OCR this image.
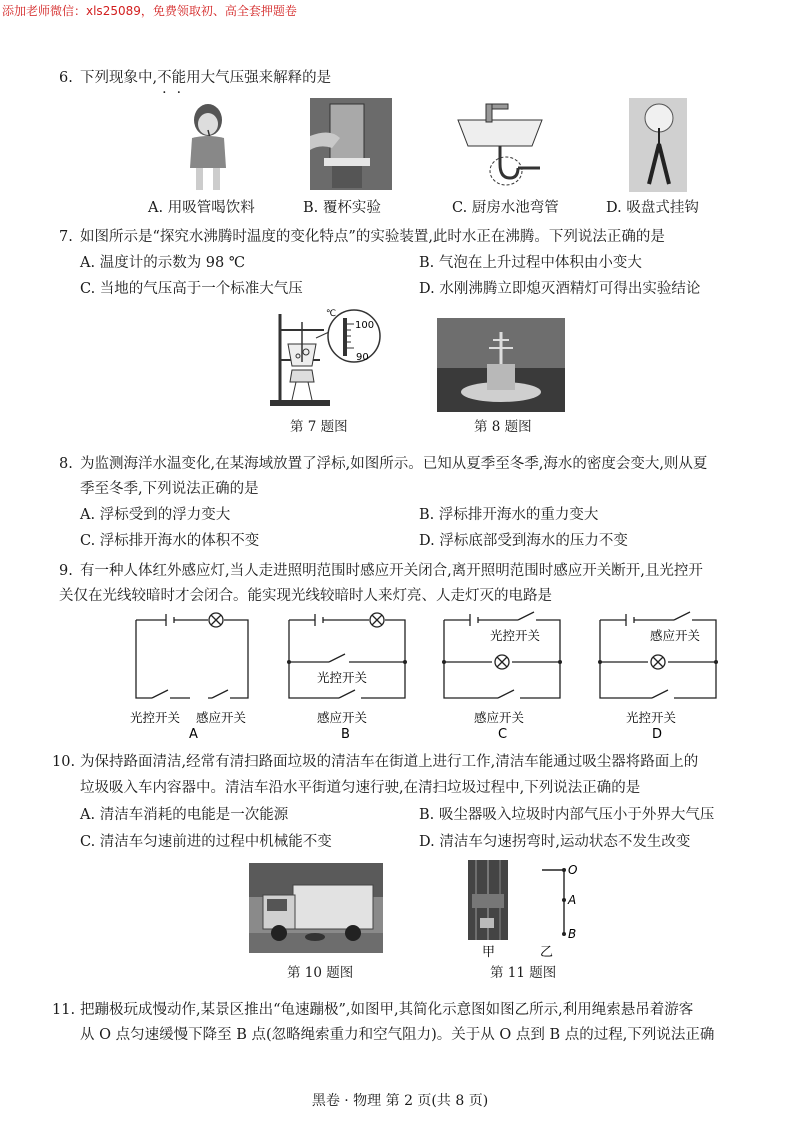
添加老师微信：xls25089，免费领取初、高全套押题卷
6. 下列现象中,不能用大气压强来解释的是
A. 用吸管喝饮料	B. 覆杯实验	C. 厨房水池弯管	D. 吸盘式挂钩
7. 如图所示是“探究水沸腾时温度的变化特点”的实验装置,此时水正在沸腾。下列说法正确的是
A. 温度计的示数为 98 ℃	B. 气泡在上升过程中体积由小变大
C. 当地的气压高于一个标准大气压	D. 水刚沸腾立即熄灭酒精灯可得出实验结论
℃
100
90
第 7 题图	第 8 题图
8. 为监测海洋水温变化,在某海域放置了浮标,如图所示。已知从夏季至冬季,海水的密度会变大,则从夏
季至冬季,下列说法正确的是
A. 浮标受到的浮力变大	B. 浮标排开海水的重力变大
C. 浮标排开海水的体积不变	D. 浮标底部受到海水的压力不变
9. 有一种人体红外感应灯,当人走进照明范围时感应开关闭合,离开照明范围时感应开关断开,且光控开
关仅在光线较暗时才会闭合。能实现光线较暗时人来灯亮、人走灯灭的电路是
光控开关 感应开关
A
光控开关
感应开关
B
光控开关
感应开关
C
感应开关
光控开关
D
10. 为保持路面清洁,经常有清扫路面垃圾的清洁车在街道上进行工作,清洁车能通过吸尘器将路面上的
垃圾吸入车内容器中。清洁车沿水平街道匀速行驶,在清扫垃圾过程中,下列说法正确的是
A. 清洁车消耗的电能是一次能源	B. 吸尘器吸入垃圾时内部气压小于外界大气压
C. 清洁车匀速前进的过程中机械能不变	D. 清洁车匀速拐弯时,运动状态不发生改变
第 10 题图
O
A
B
甲	乙
第 11 题图
11. 把蹦极玩成慢动作,某景区推出“龟速蹦极”,如图甲,其简化示意图如图乙所示,利用绳索悬吊着游客
从 O 点匀速缓慢下降至 B 点(忽略绳索重力和空气阻力)。关于从 O 点到 B 点的过程,下列说法正确
黑卷 · 物理 第 2 页(共 8 页)
